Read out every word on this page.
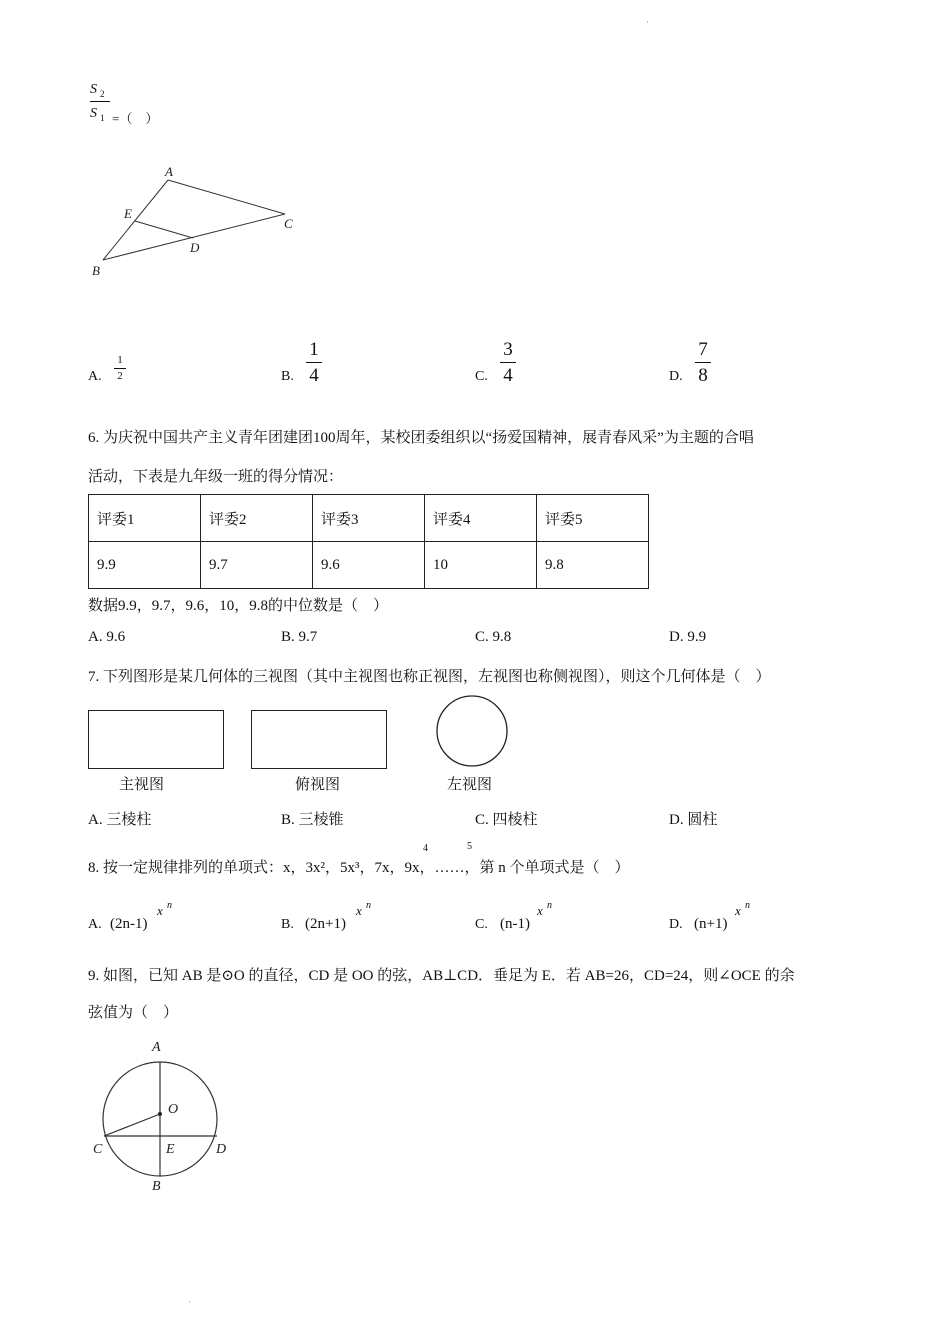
·
·
S 2
S 1 =（　）
A
B
C
D
E
A.
1
2	B.
1
4	C.
3
4	D.
7
8
6. 为庆祝中国共产主义青年团建团100周年，某校团委组织以“扬爱国精神，展青春风采”为主题的合唱
活动，下表是九年级一班的得分情况：
评委1	评委2	评委3	评委4	评委5
9.9	9.7	9.6	10	9.8
数据9.9，9.7，9.6，10，9.8的中位数是（　）
A. 9.6	B. 9.7	C. 9.8	D. 9.9
7. 下列图形是某几何体的三视图（其中主视图也称正视图，左视图也称侧视图），则这个几何体是（　）
主视图	俯视图	左视图
A. 三棱柱	B. 三棱锥	C. 四棱柱	D. 圆柱
8. 按一定规律排列的单项式：x，3x²，5x³，7x，9x，……，第 n 个单项式是（　）
4	5
A. (2n-1)
x n
B. (2n+1)
x n
C. (n-1)
x n
D. (n+1)
x n
9. 如图，已知 AB 是⊙O 的直径，CD 是 OO 的弦，AB⊥CD．垂足为 E．若 AB=26，CD=24，则∠OCE 的余
弦值为（　）
A
B
C	D
E
O
